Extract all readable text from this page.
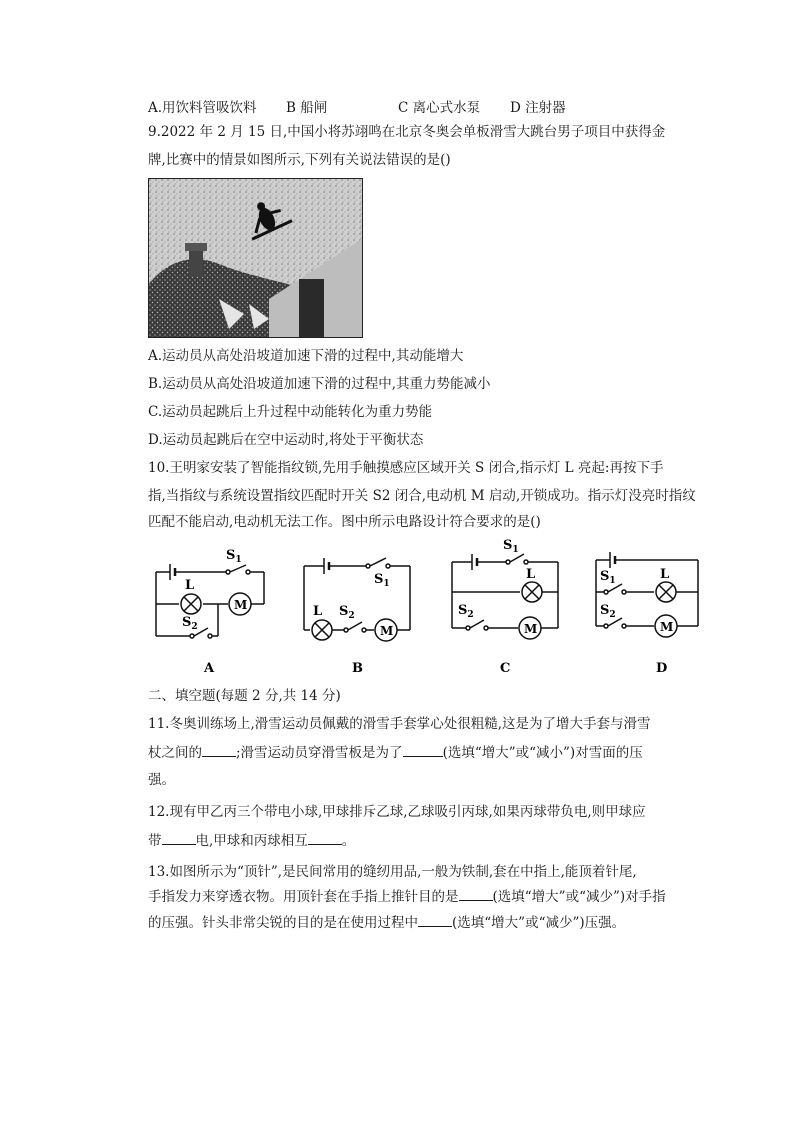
A.用饮料管吸饮料 B 船闸	C 离心式水泵 D 注射器
9.2022 年 2 月 15 日,中国小将苏翊鸣在北京冬奥会单板滑雪大跳台男子项目中获得金
牌,比赛中的情景如图所示,下列有关说法错误的是()
A.运动员从高处沿坡道加速下滑的过程中,其动能增大
B.运动员从高处沿坡道加速下滑的过程中,其重力势能减小
C.运动员起跳后上升过程中动能转化为重力势能
D.运动员起跳后在空中运动时,将处于平衡状态
10.王明家安装了智能指纹锁,先用手触摸感应区域开关 S 闭合,指示灯 L 亮起:再按下手
指,当指纹与系统设置指纹匹配时开关 S2 闭合,电动机 M 启动,开锁成功。指示灯没亮时指纹
匹配不能启动,电动机无法工作。图中所示电路设计符合要求的是()
$S_1$
L
M
$S_2$
A
$S_1$
L
M
$S_2$
B
$S_1$
L
M
$S_2$
C
$S_1$	L
M
$S_2$
D
二、填空题(每题 2 分,共 14 分)
11.冬奥训练场上,滑雪运动员佩戴的滑雪手套掌心处很粗糙,这是为了增大手套与滑雪
杖之间的	;滑雪运动员穿滑雪板是为了	(选填“增大”或“减小”)对雪面的压
强。
12.现有甲乙丙三个带电小球,甲球排斥乙球,乙球吸引丙球,如果丙球带负电,则甲球应
带	电,甲球和丙球相互	。
13.如图所示为“顶针”,是民间常用的缝纫用品,一般为铁制,套在中指上,能顶着针尾,
手指发力来穿透衣物。用顶针套在手指上推针目的是	(选填“增大”或“减少”)对手指
的压强。针头非常尖锐的目的是在使用过程中	(选填“增大”或“减少”)压强。
